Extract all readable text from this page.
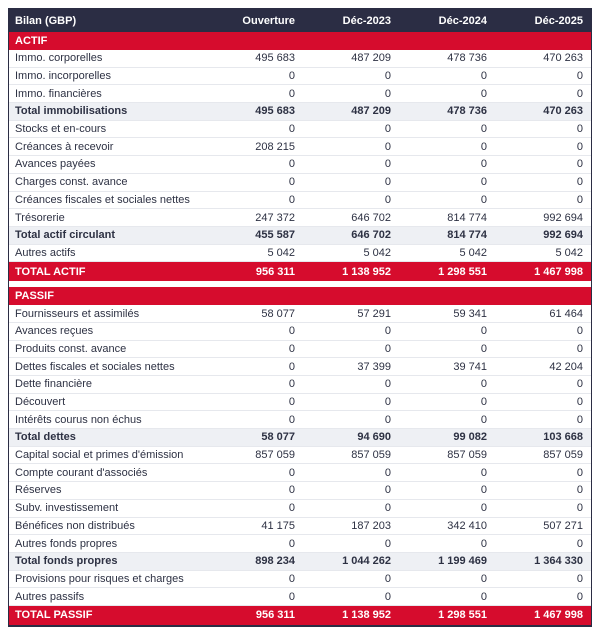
Bilan (GBP)	Ouverture	Déc-2023	Déc-2024	Déc-2025
ACTIF
Immo. corporelles	495 683	487 209	478 736	470 263
Immo. incorporelles	0	0	0	0
Immo. financières	0	0	0	0
Total immobilisations	495 683	487 209	478 736	470 263
Stocks et en-cours	0	0	0	0
Créances à recevoir	208 215	0	0	0
Avances payées	0	0	0	0
Charges const. avance	0	0	0	0
Créances fiscales et sociales nettes	0	0	0	0
Trésorerie	247 372	646 702	814 774	992 694
Total actif circulant	455 587	646 702	814 774	992 694
Autres actifs	5 042	5 042	5 042	5 042
TOTAL ACTIF	956 311	1 138 952	1 298 551	1 467 998
PASSIF
Fournisseurs et assimilés	58 077	57 291	59 341	61 464
Avances reçues	0	0	0	0
Produits const. avance	0	0	0	0
Dettes fiscales et sociales nettes	0	37 399	39 741	42 204
Dette financière	0	0	0	0
Découvert	0	0	0	0
Intérêts courus non échus	0	0	0	0
Total dettes	58 077	94 690	99 082	103 668
Capital social et primes d'émission	857 059	857 059	857 059	857 059
Compte courant d'associés	0	0	0	0
Réserves	0	0	0	0
Subv. investissement	0	0	0	0
Bénéfices non distribués	41 175	187 203	342 410	507 271
Autres fonds propres	0	0	0	0
Total fonds propres	898 234	1 044 262	1 199 469	1 364 330
Provisions pour risques et charges	0	0	0	0
Autres passifs	0	0	0	0
TOTAL PASSIF	956 311	1 138 952	1 298 551	1 467 998
